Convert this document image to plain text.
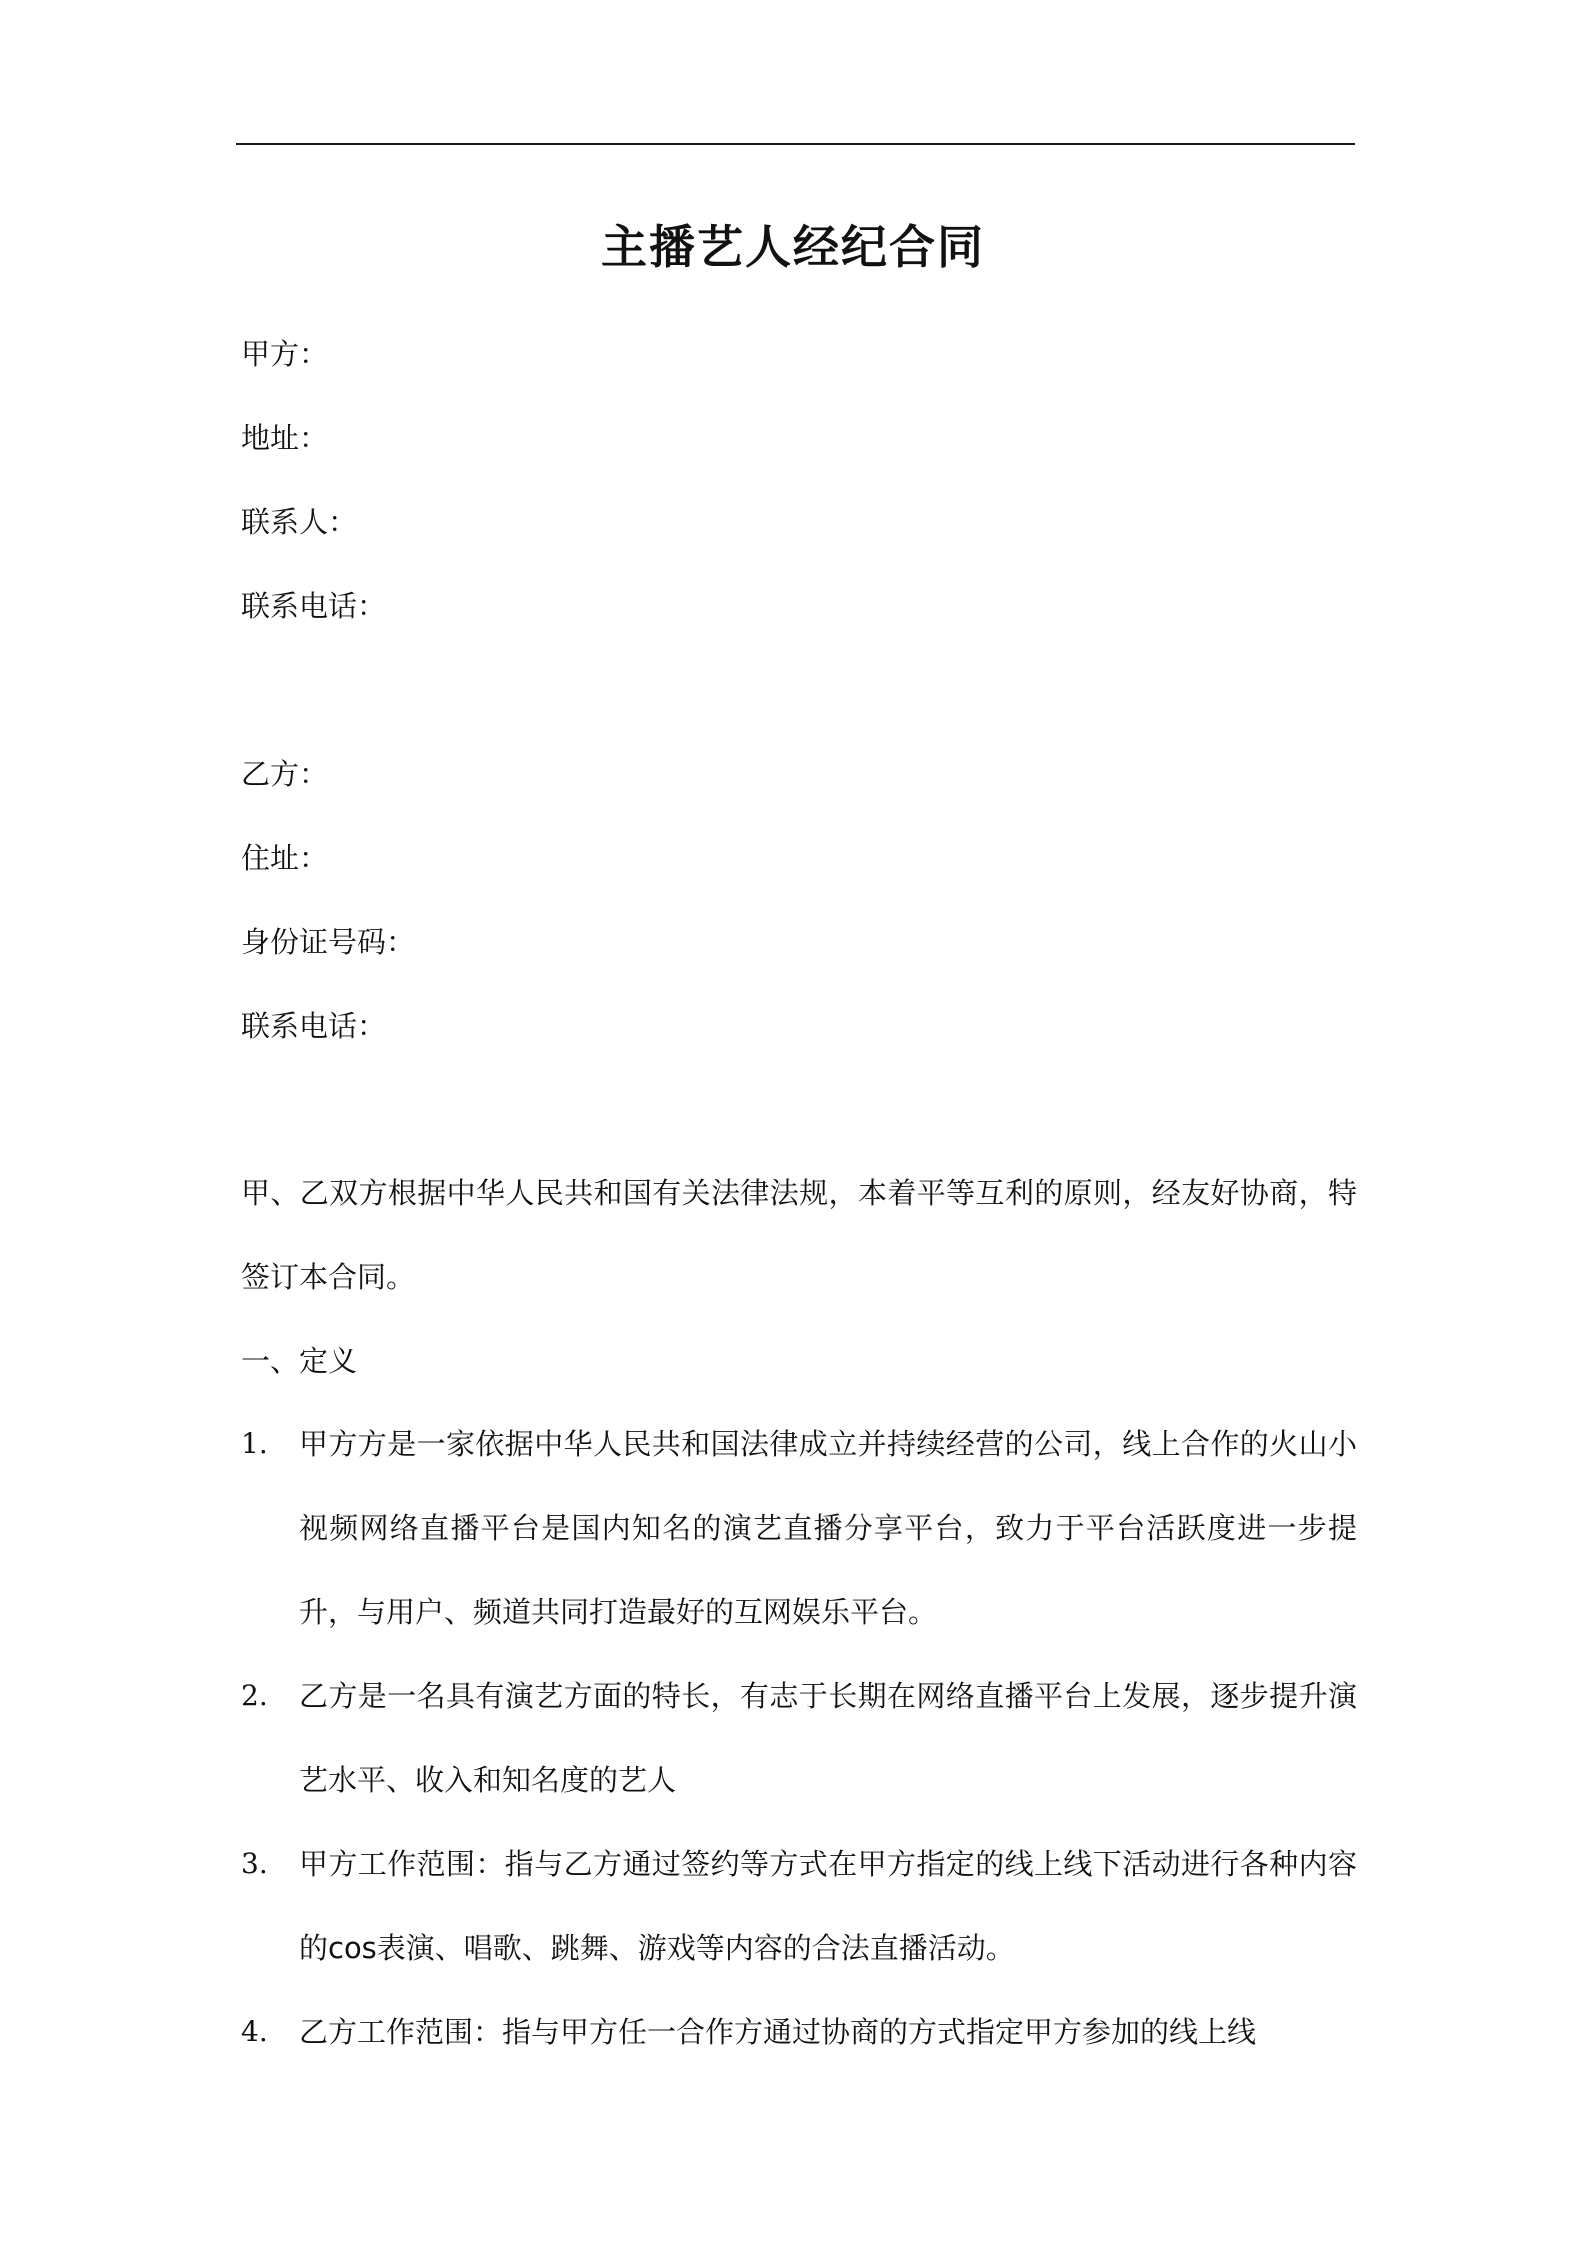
主播艺人经纪合同
甲方：
地址：
联系人：
联系电话：
乙方：
住址：
身份证号码：
联系电话：
甲、乙双方根据中华人民共和国有关法律法规，本着平等互利的原则，经友好协商，特签订本合同。
一、定义
1. 甲方方是一家依据中华人民共和国法律成立并持续经营的公司，线上合作的火山小视频网络直播平台是国内知名的演艺直播分享平台，致力于平台活跃度进一步提升，与用户、频道共同打造最好的互网娱乐平台。
2. 乙方是一名具有演艺方面的特长，有志于长期在网络直播平台上发展，逐步提升演艺水平、收入和知名度的艺人
3. 甲方工作范围：指与乙方通过签约等方式在甲方指定的线上线下活动进行各种内容的cos表演、唱歌、跳舞、游戏等内容的合法直播活动。
4. 乙方工作范围：指与甲方任一合作方通过协商的方式指定甲方参加的线上线
